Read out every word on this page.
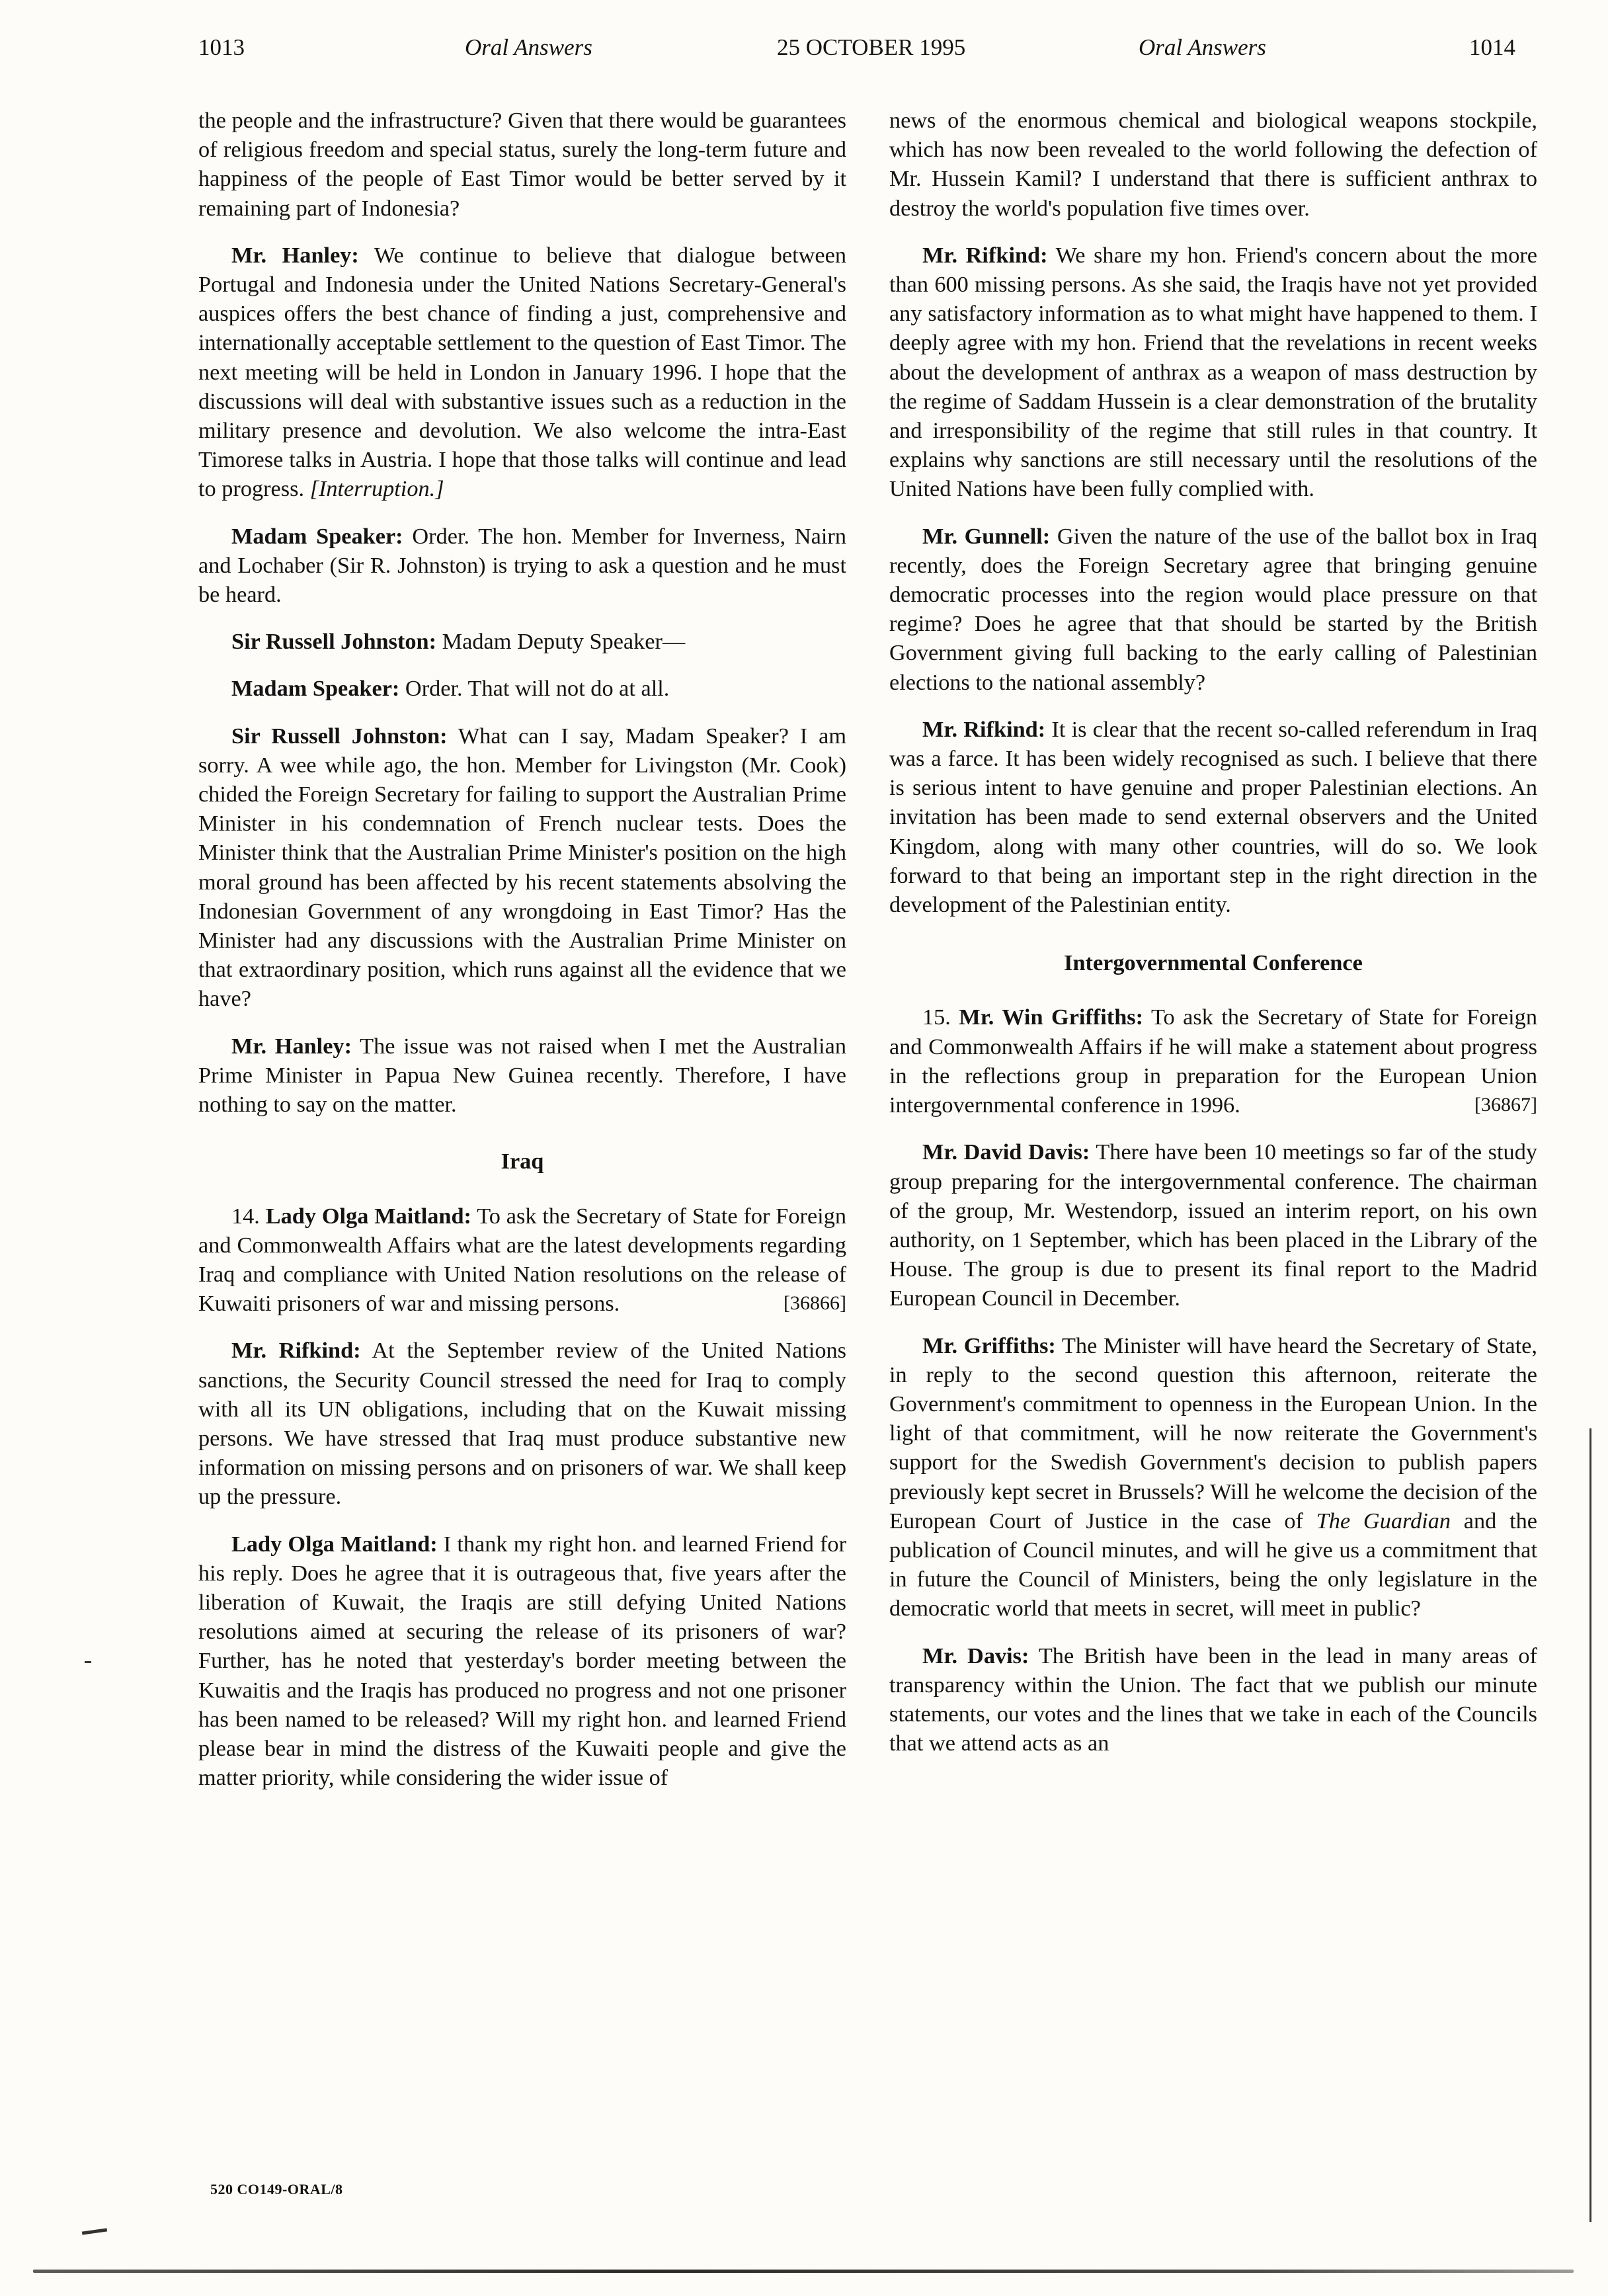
1013	Oral Answers	25 OCTOBER 1995	Oral Answers	1014

the people and the infrastructure? Given that there would be guarantees of religious freedom and special status, surely the long-term future and happiness of the people of East Timor would be better served by it remaining part of Indonesia?

Mr. Hanley: We continue to believe that dialogue between Portugal and Indonesia under the United Nations Secretary-General's auspices offers the best chance of finding a just, comprehensive and internationally acceptable settlement to the question of East Timor. The next meeting will be held in London in January 1996. I hope that the discussions will deal with substantive issues such as a reduction in the military presence and devolution. We also welcome the intra-East Timorese talks in Austria. I hope that those talks will continue and lead to progress. [Interruption.]

Madam Speaker: Order. The hon. Member for Inverness, Nairn and Lochaber (Sir R. Johnston) is trying to ask a question and he must be heard.

Sir Russell Johnston: Madam Deputy Speaker—

Madam Speaker: Order. That will not do at all.

Sir Russell Johnston: What can I say, Madam Speaker? I am sorry. A wee while ago, the hon. Member for Livingston (Mr. Cook) chided the Foreign Secretary for failing to support the Australian Prime Minister in his condemnation of French nuclear tests. Does the Minister think that the Australian Prime Minister's position on the high moral ground has been affected by his recent statements absolving the Indonesian Government of any wrongdoing in East Timor? Has the Minister had any discussions with the Australian Prime Minister on that extraordinary position, which runs against all the evidence that we have?

Mr. Hanley: The issue was not raised when I met the Australian Prime Minister in Papua New Guinea recently. Therefore, I have nothing to say on the matter.

Iraq

14. Lady Olga Maitland: To ask the Secretary of State for Foreign and Commonwealth Affairs what are the latest developments regarding Iraq and compliance with United Nation resolutions on the release of Kuwaiti prisoners of war and missing persons.	[36866]

Mr. Rifkind: At the September review of the United Nations sanctions, the Security Council stressed the need for Iraq to comply with all its UN obligations, including that on the Kuwait missing persons. We have stressed that Iraq must produce substantive new information on missing persons and on prisoners of war. We shall keep up the pressure.

Lady Olga Maitland: I thank my right hon. and learned Friend for his reply. Does he agree that it is outrageous that, five years after the liberation of Kuwait, the Iraqis are still defying United Nations resolutions aimed at securing the release of its prisoners of war? Further, has he noted that yesterday's border meeting between the Kuwaitis and the Iraqis has produced no progress and not one prisoner has been named to be released? Will my right hon. and learned Friend please bear in mind the distress of the Kuwaiti people and give the matter priority, while considering the wider issue of

news of the enormous chemical and biological weapons stockpile, which has now been revealed to the world following the defection of Mr. Hussein Kamil? I understand that there is sufficient anthrax to destroy the world's population five times over.

Mr. Rifkind: We share my hon. Friend's concern about the more than 600 missing persons. As she said, the Iraqis have not yet provided any satisfactory information as to what might have happened to them. I deeply agree with my hon. Friend that the revelations in recent weeks about the development of anthrax as a weapon of mass destruction by the regime of Saddam Hussein is a clear demonstration of the brutality and irresponsibility of the regime that still rules in that country. It explains why sanctions are still necessary until the resolutions of the United Nations have been fully complied with.

Mr. Gunnell: Given the nature of the use of the ballot box in Iraq recently, does the Foreign Secretary agree that bringing genuine democratic processes into the region would place pressure on that regime? Does he agree that that should be started by the British Government giving full backing to the early calling of Palestinian elections to the national assembly?

Mr. Rifkind: It is clear that the recent so-called referendum in Iraq was a farce. It has been widely recognised as such. I believe that there is serious intent to have genuine and proper Palestinian elections. An invitation has been made to send external observers and the United Kingdom, along with many other countries, will do so. We look forward to that being an important step in the right direction in the development of the Palestinian entity.

Intergovernmental Conference

15. Mr. Win Griffiths: To ask the Secretary of State for Foreign and Commonwealth Affairs if he will make a statement about progress in the reflections group in preparation for the European Union intergovernmental conference in 1996.	[36867]

Mr. David Davis: There have been 10 meetings so far of the study group preparing for the intergovernmental conference. The chairman of the group, Mr. Westendorp, issued an interim report, on his own authority, on 1 September, which has been placed in the Library of the House. The group is due to present its final report to the Madrid European Council in December.

Mr. Griffiths: The Minister will have heard the Secretary of State, in reply to the second question this afternoon, reiterate the Government's commitment to openness in the European Union. In the light of that commitment, will he now reiterate the Government's support for the Swedish Government's decision to publish papers previously kept secret in Brussels? Will he welcome the decision of the European Court of Justice in the case of The Guardian and the publication of Council minutes, and will he give us a commitment that in future the Council of Ministers, being the only legislature in the democratic world that meets in secret, will meet in public?

Mr. Davis: The British have been in the lead in many areas of transparency within the Union. The fact that we publish our minute statements, our votes and the lines that we take in each of the Councils that we attend acts as an

520 CO149-ORAL/8
